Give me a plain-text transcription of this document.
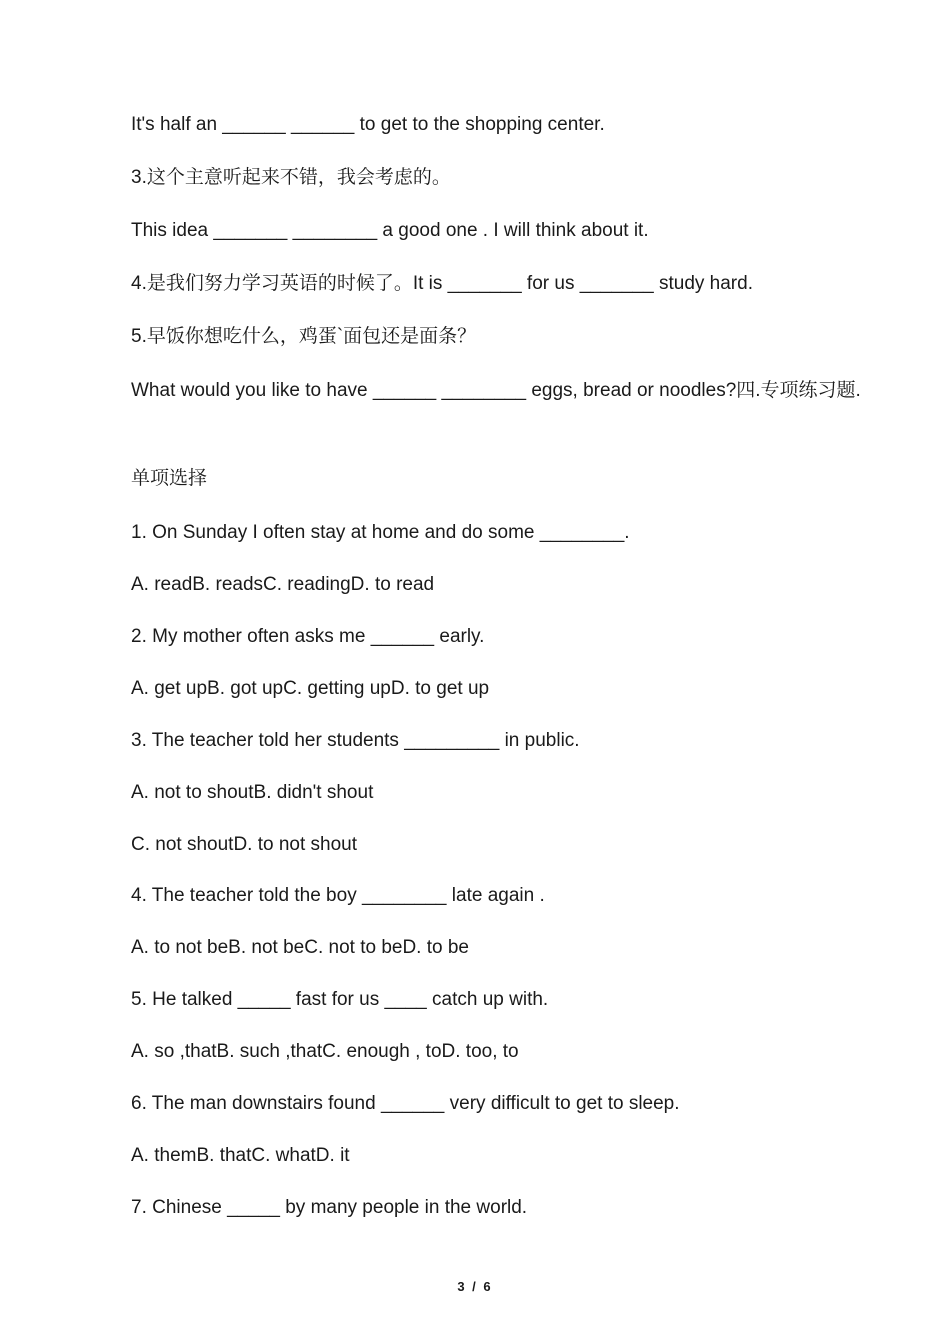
It's half an ______ ______ to get to the shopping center.
3.这个主意听起来不错，我会考虑的。
This idea _______ ________ a good one . I will think about it.
4.是我们努力学习英语的时候了。It is _______ for us _______ study hard.
5.早饭你想吃什么，鸡蛋`面包还是面条？
What would you like to have ______ ________ eggs, bread or noodles?四.专项练习题.
单项选择
1. On Sunday I often stay at home and do some ________.
A. readB. readsC. readingD. to read
2. My mother often asks me ______ early.
A. get upB. got upC. getting upD. to get up
3. The teacher told her students _________ in public.
A. not to shoutB. didn't shout
C. not shoutD. to not shout
4. The teacher told the boy ________ late again .
A. to not beB. not beC. not to beD. to be
5. He talked _____ fast for us ____ catch up with.
A. so ,thatB. such ,thatC. enough , toD. too, to
6. The man downstairs found ______ very difficult to get to sleep.
A. themB. thatC. whatD. it
7. Chinese _____ by many people in the world.
3 / 6
